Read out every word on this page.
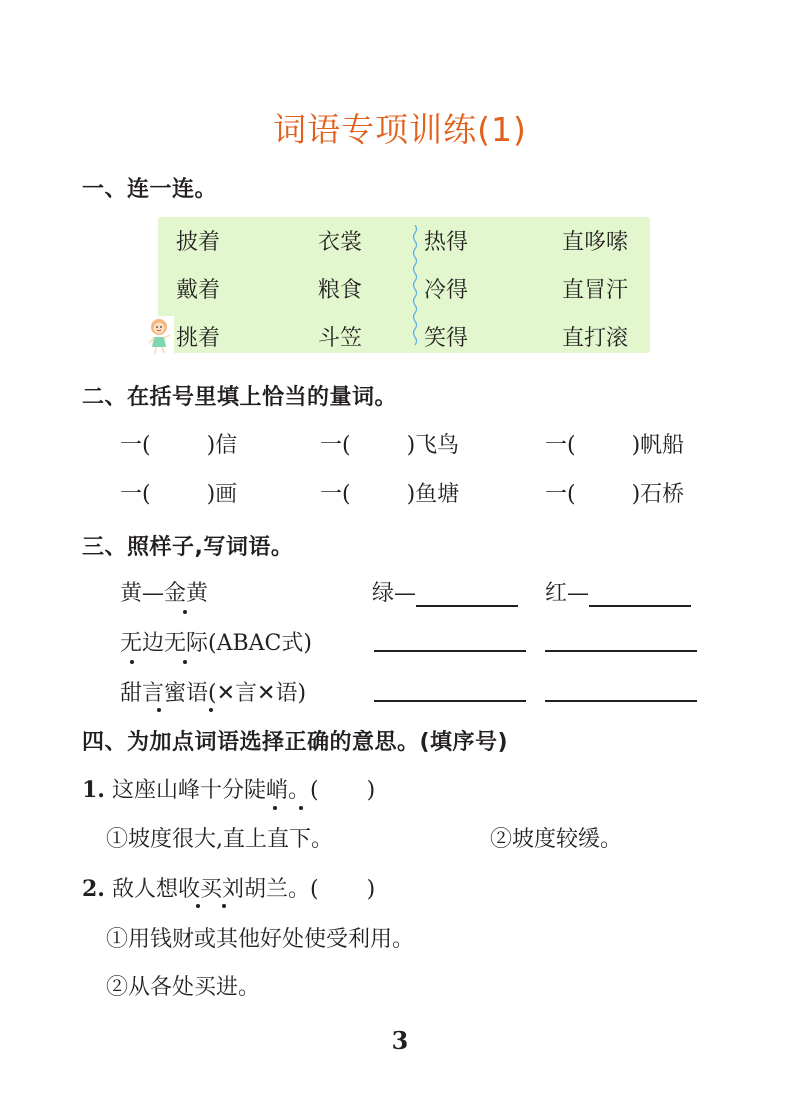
词语专项训练(1)
一、连一连。
披着	衣裳	热得	直哆嗦
戴着	粮食	冷得	直冒汗
挑着	斗笠	笑得	直打滚
二、在括号里填上恰当的量词。
一(	)信	一(	)飞鸟	一(	)帆船
一(	)画	一(	)鱼塘	一(	)石桥
三、照样子,写词语。
黄—金黄	绿—	红—
无边无际(ABAC式)
甜言蜜语(✕言✕语)
四、为加点词语选择正确的意思。(填序号)
1. 这座山峰十分陡峭。( )
①坡度很大,直上直下。	②坡度较缓。
2. 敌人想收买刘胡兰。( )
①用钱财或其他好处使受利用。
②从各处买进。
3
